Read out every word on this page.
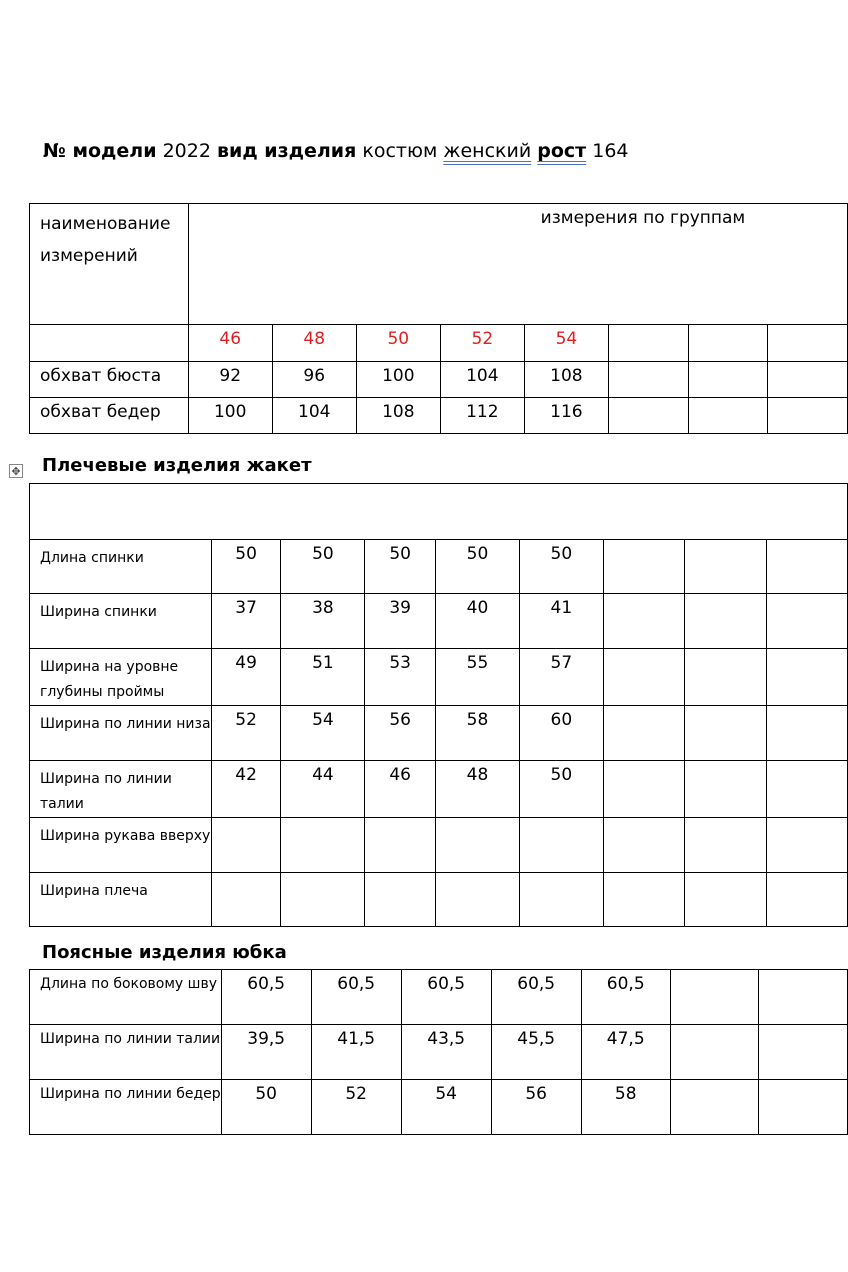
№ модели 2022 вид изделия костюм женский рост 164
наименование измерений	измерения по группам							
	46	48	50	52	54			
обхват бюста	92	96	100	104	108			
обхват бедер	100	104	108	112	116			
✥ Плечевые изделия жакет

Длина спинки	50	50	50	50	50			
Ширина спинки	37	38	39	40	41			
Ширина на уровне глубины проймы	49	51	53	55	57			
Ширина по линии низа	52	54	56	58	60			
Ширина по линии талии	42	44	46	48	50			
Ширина рукава вверху								
Ширина плеча								
Поясные изделия юбка
Длина по боковому шву	60,5	60,5	60,5	60,5	60,5		
Ширина по линии талии	39,5	41,5	43,5	45,5	47,5		
Ширина по линии бедер	50	52	54	56	58		
